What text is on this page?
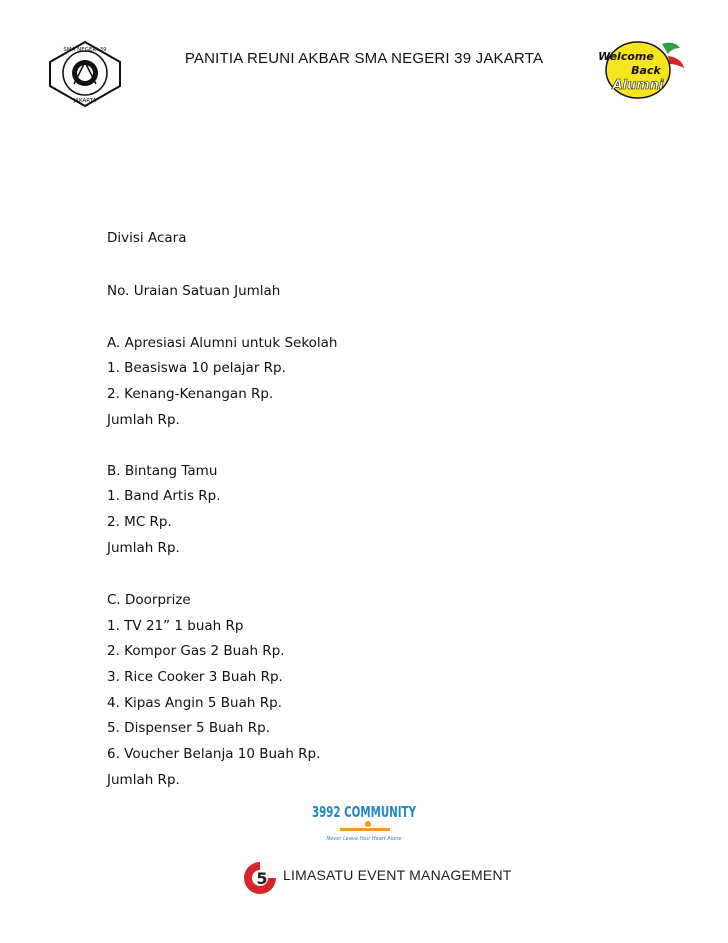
SMA NEGERI 39
JAKARTA
PANITIA REUNI AKBAR SMA NEGERI 39 JAKARTA	Welcome
Back
Alumni
Divisi Acara
No. Uraian Satuan Jumlah
A. Apresiasi Alumni untuk Sekolah
1. Beasiswa 10 pelajar Rp.
2. Kenang-Kenangan Rp.
Jumlah Rp.
B. Bintang Tamu
1. Band Artis Rp.
2. MC Rp.
Jumlah Rp.
C. Doorprize
1. TV 21” 1 buah Rp
2. Kompor Gas 2 Buah Rp.
3. Rice Cooker 3 Buah Rp.
4. Kipas Angin 5 Buah Rp.
5. Dispenser 5 Buah Rp.
6. Voucher Belanja 10 Buah Rp.
Jumlah Rp.
3992 COMMUNITY
Never Leave Your Heart Alone
5 LIMASATU EVENT MANAGEMENT
